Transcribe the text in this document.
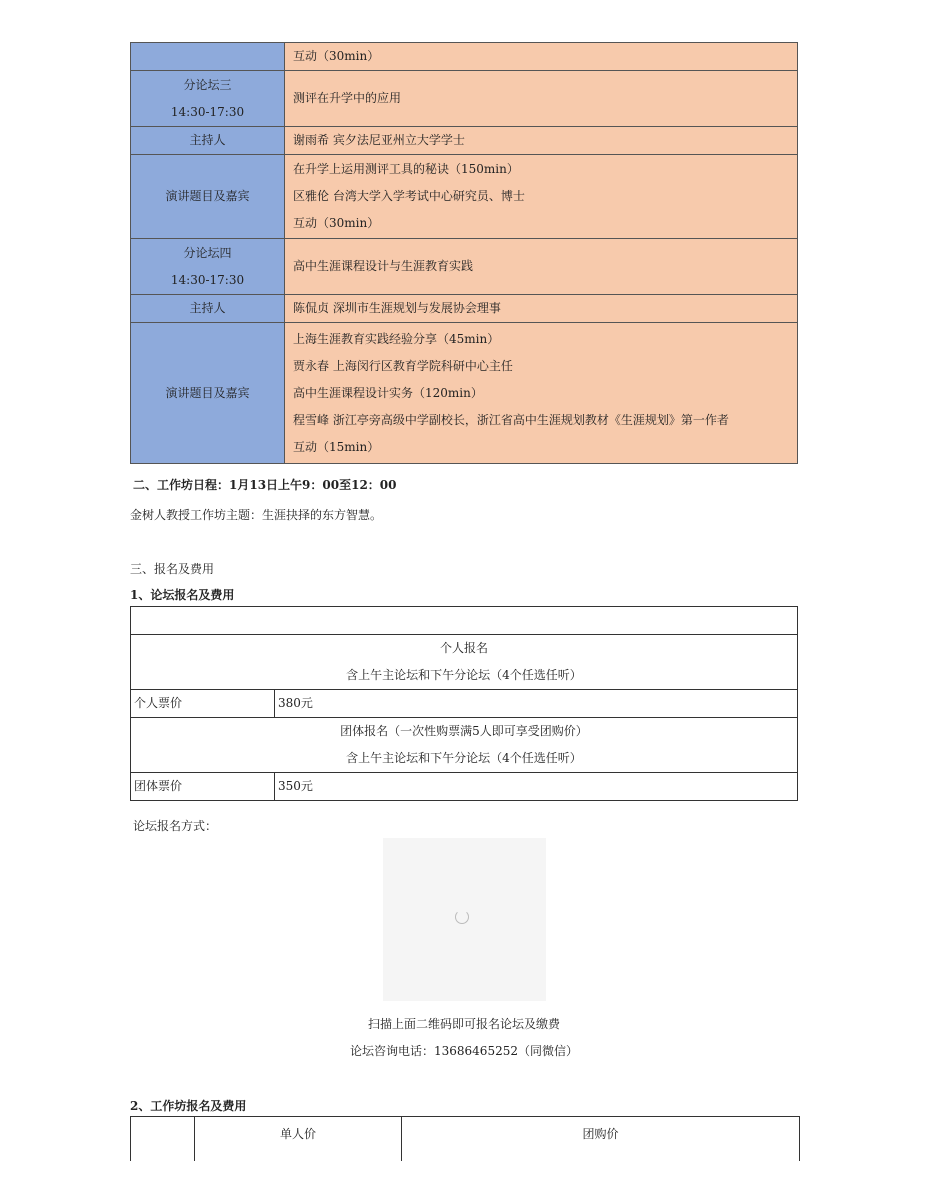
	互动（30min）

分论坛三
14:30-17:30	测评在升学中的应用

主持人	谢雨希 宾夕法尼亚州立大学学士

演讲题目及嘉宾	在升学上运用测评工具的秘诀（150min）
区雅伦 台湾大学入学考试中心研究员、博士
互动（30min）

分论坛四
14:30-17:30	高中生涯课程设计与生涯教育实践

主持人	陈侃贞 深圳市生涯规划与发展协会理事

演讲题目及嘉宾	上海生涯教育实践经验分享（45min）
贾永春 上海闵行区教育学院科研中心主任
高中生涯课程设计实务（120min）
程雪峰 浙江亭旁高级中学副校长，浙江省高中生涯规划教材《生涯规划》第一作者
互动（15min）
二、工作坊日程：1月13日上午9：00至12：00
金树人教授工作坊主题：生涯抉择的东方智慧。
三、报名及费用
1、论坛报名及费用

个人报名
含上午主论坛和下午分论坛（4个任选任听）	

个人票价	380元

团体报名（一次性购票满5人即可享受团购价）
含上午主论坛和下午分论坛（4个任选任听）	

团体票价	350元
论坛报名方式：
扫描上面二维码即可报名论坛及缴费
论坛咨询电话：13686465252（同微信）
2、工作坊报名及费用
单人价	团购价
